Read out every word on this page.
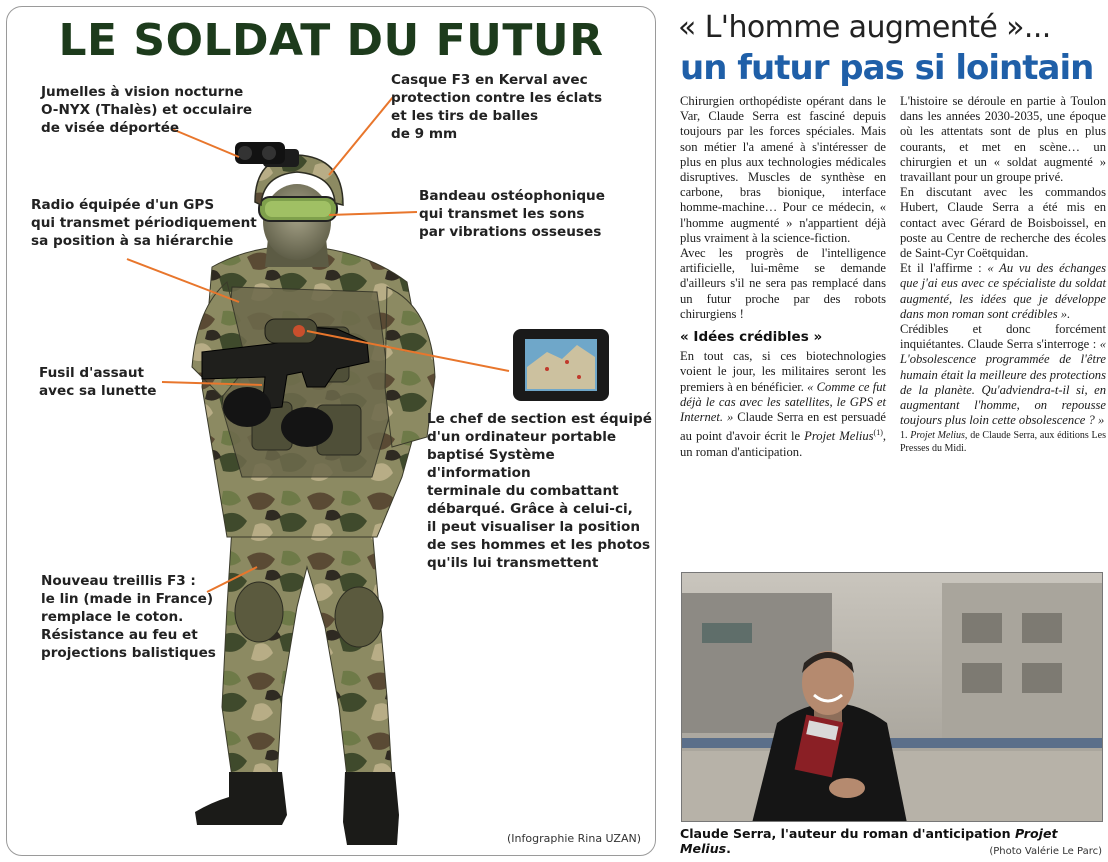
LE SOLDAT DU FUTUR
Jumelles à vision nocturne
O-NYX (Thalès) et occulaire
de visée déportée
Casque F3 en Kerval avec
protection contre les éclats
et les tirs de balles
de 9 mm
Radio équipée d'un GPS
qui transmet périodiquement
sa position à sa hiérarchie
Bandeau ostéophonique
qui transmet les sons
par vibrations osseuses
Fusil d'assaut
avec sa lunette
Le chef de section est équipé
d'un ordinateur portable
baptisé Système d'information
terminale du combattant
débarqué. Grâce à celui-ci,
il peut visualiser la position
de ses hommes et les photos
qu'ils lui transmettent
Nouveau treillis F3 :
le lin (made in France)
remplace le coton.
Résistance au feu et
projections balistiques
(Infographie Rina UZAN)
« L'homme augmenté »...
un futur pas si lointain

Chirurgien orthopédiste opérant dans le Var, Claude Serra est fasciné depuis toujours par les forces spéciales. Mais son métier l'a amené à s'intéresser de plus en plus aux technologies médicales disruptives. Muscles de synthèse en carbone, bras bionique, interface homme-machine… Pour ce médecin, « l'homme augmenté » n'appartient déjà plus vraiment à la science-fiction.

Avec les progrès de l'intelligence artificielle, lui-même se demande d'ailleurs s'il ne sera pas remplacé dans un futur proche par des robots chirurgiens !

« Idées crédibles »

En tout cas, si ces biotechnologies voient le jour, les militaires seront les premiers à en bénéficier. « Comme ce fut déjà le cas avec les satellites, le GPS et Internet. » Claude Serra en est persuadé au point d'avoir écrit le Projet Melius$^{(1)}$, un roman d'anticipation.

L'histoire se déroule en partie à Toulon dans les années 2030-2035, une époque où les attentats sont de plus en plus courants, et met en scène… un chirurgien et un « soldat augmenté » travaillant pour un groupe privé.

En discutant avec les commandos Hubert, Claude Serra a été mis en contact avec Gérard de Boisboissel, en poste au Centre de recherche des écoles de Saint-Cyr Coëtquidan.

Et il l'affirme : « Au vu des échanges que j'ai eus avec ce spécialiste du soldat augmenté, les idées que je développe dans mon roman sont crédibles ».

Crédibles et donc forcément inquiétantes. Claude Serra s'interroge : « L'obsolescence programmée de l'être humain était la meilleure des protections de la planète. Qu'adviendra-t-il si, en augmentant l'homme, on repousse toujours plus loin cette obsolescence ? »

1. Projet Melius, de Claude Serra, aux éditions Les Presses du Midi.

Claude Serra, l'auteur du roman d'anticipation Projet Melius.	(Photo Valérie Le Parc)
